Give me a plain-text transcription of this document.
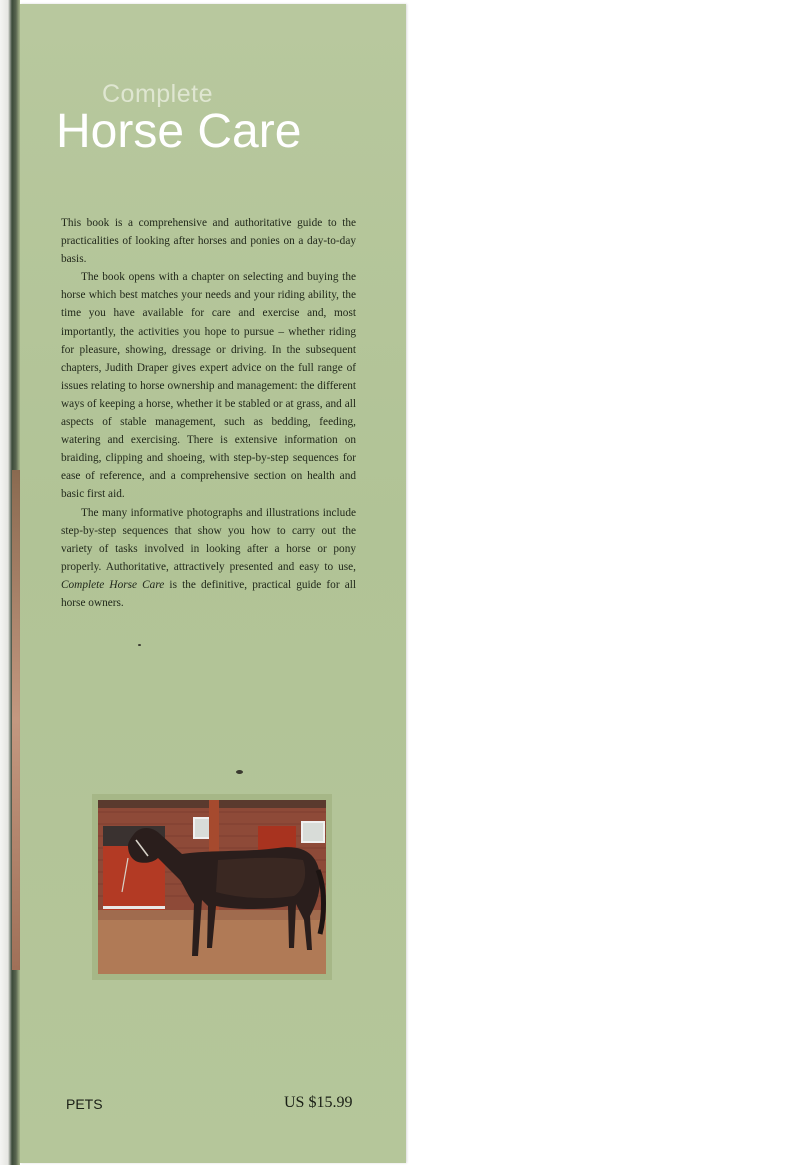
Complete
Horse Care

This book is a comprehensive and authoritative guide to the practicalities of looking after horses and ponies on a day-to-day basis.

The book opens with a chapter on selecting and buying the horse which best matches your needs and your riding ability, the time you have available for care and exercise and, most importantly, the activities you hope to pursue – whether riding for pleasure, showing, dressage or driving. In the subsequent chapters, Judith Draper gives expert advice on the full range of issues relating to horse ownership and management: the different ways of keeping a horse, whether it be stabled or at grass, and all aspects of stable management, such as bedding, feeding, watering and exercising. There is extensive information on braiding, clipping and shoeing, with step-by-step sequences for ease of reference, and a comprehensive section on health and basic first aid.

The many informative photographs and illustrations include step-by-step sequences that show you how to carry out the variety of tasks involved in looking after a horse or pony properly. Authoritative, attractively presented and easy to use, Complete Horse Care is the definitive, practical guide for all horse owners.

PETS	US $15.99
